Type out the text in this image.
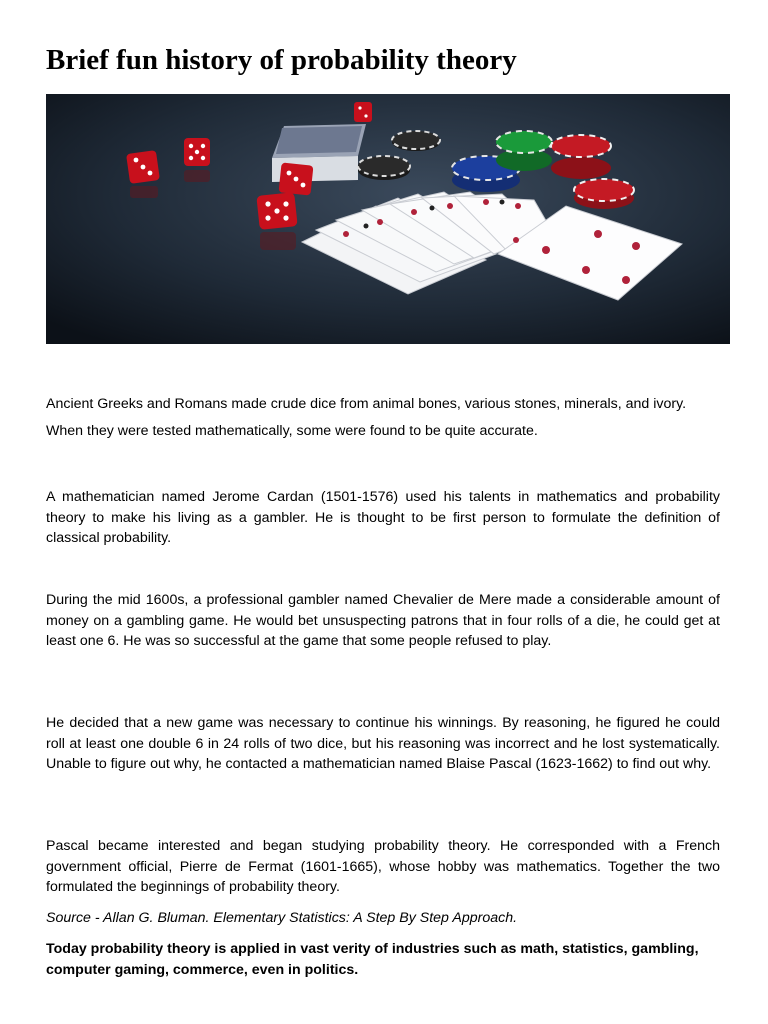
Brief fun history of probability theory

Ancient Greeks and Romans made crude dice from animal bones, various stones, minerals, and ivory. When they were tested mathematically, some were found to be quite accurate.

A mathematician named Jerome Cardan (1501-1576) used his talents in mathematics and probability theory to make his living as a gambler. He is thought to be first person to formulate the definition of classical probability.

During the mid 1600s, a professional gambler named Chevalier de Mere made a considerable amount of money on a gambling game. He would bet unsuspecting patrons that in four rolls of a die, he could get at least one 6. He was so successful at the game that some people refused to play.

He decided that a new game was necessary to continue his winnings. By reasoning, he figured he could roll at least one double 6 in 24 rolls of two dice, but his reasoning was incorrect and he lost systematically. Unable to figure out why, he contacted a mathematician named Blaise Pascal (1623-1662) to find out why.

Pascal became interested and began studying probability theory. He corresponded with a French government official, Pierre de Fermat (1601-1665), whose hobby was mathematics. Together the two formulated the beginnings of probability theory.

Source - Allan G. Bluman. Elementary Statistics: A Step By Step Approach.

Today probability theory is applied in vast verity of industries such as math, statistics, gambling, computer gaming, commerce, even in politics.
